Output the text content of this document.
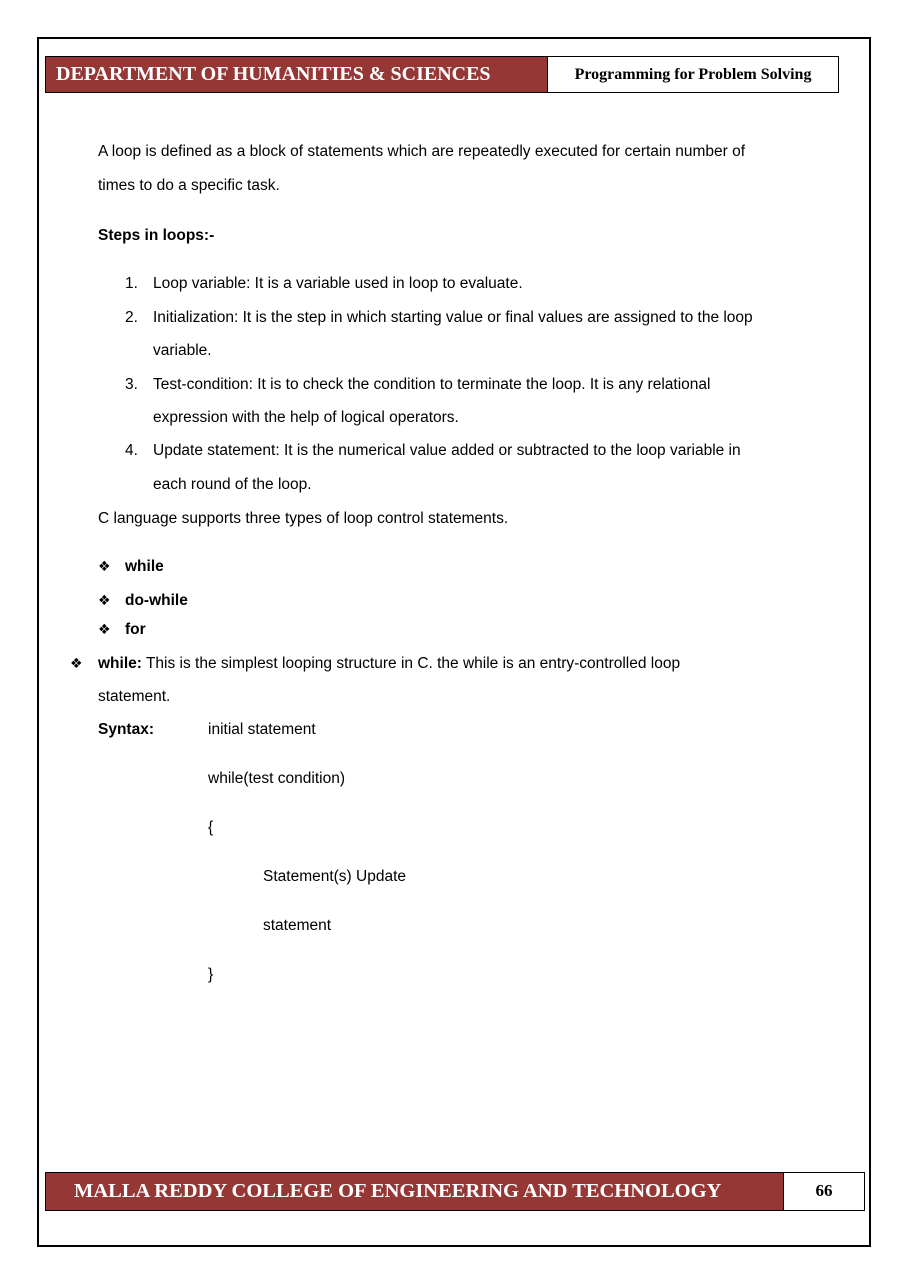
DEPARTMENT OF HUMANITIES & SCIENCES	Programming for Problem Solving
A loop is defined as a block of statements which are repeatedly executed for certain number of
times to do a specific task.
Steps in loops:-
1. Loop variable: It is a variable used in loop to evaluate.
2. Initialization: It is the step in which starting value or final values are assigned to the loop
variable.
3. Test-condition: It is to check the condition to terminate the loop. It is any relational
expression with the help of logical operators.
4. Update statement: It is the numerical value added or subtracted to the loop variable in
each round of the loop.
C language supports three types of loop control statements.
❖ while
❖ do-while
❖ for
❖ while: This is the simplest looping structure in C. the while is an entry-controlled loop
statement.
Syntax:	initial statement
while(test condition)
{
Statement(s) Update
statement
}
MALLA REDDY COLLEGE OF ENGINEERING AND TECHNOLOGY	66
